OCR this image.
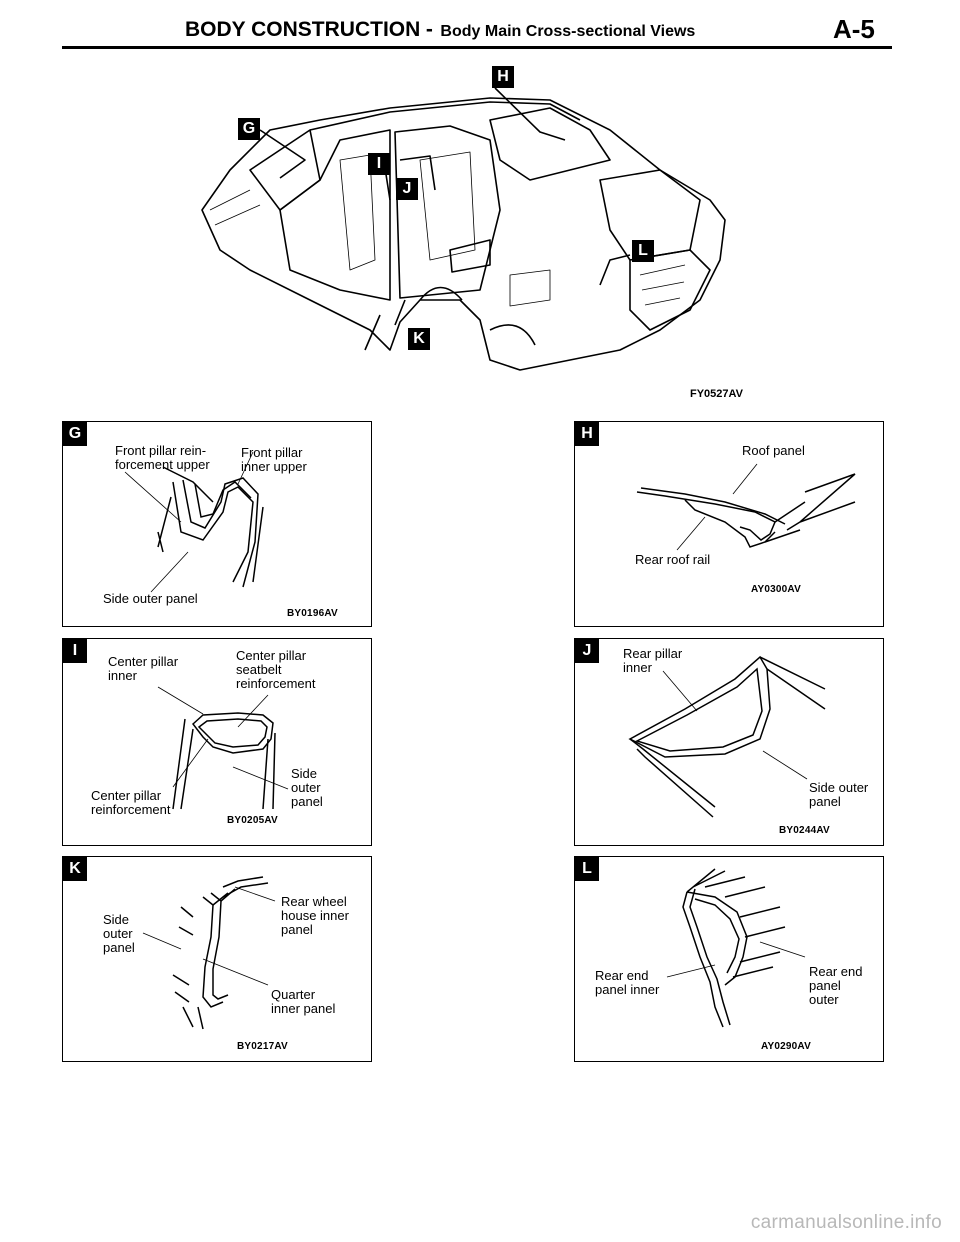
BODY CONSTRUCTION - Body Main Cross-sectional Views	A-5
G
H
I
J
K
L
FY0527AV
G
Front pillar rein-
forcement upper
Front pillar
inner upper
Side outer panel
BY0196AV
H
Roof panel
Rear roof rail
AY0300AV
I
Center pillar
inner
Center pillar
seatbelt
reinforcement
Side
outer
panel
Center pillar
reinforcement
BY0205AV
J	Rear pillar
inner
Side outer
panel
BY0244AV
K
Side
outer
panel
Rear wheel
house inner
panel
Quarter
inner panel
BY0217AV
L
Rear end
panel inner
Rear end
panel
outer
AY0290AV
carmanualsonline.info
